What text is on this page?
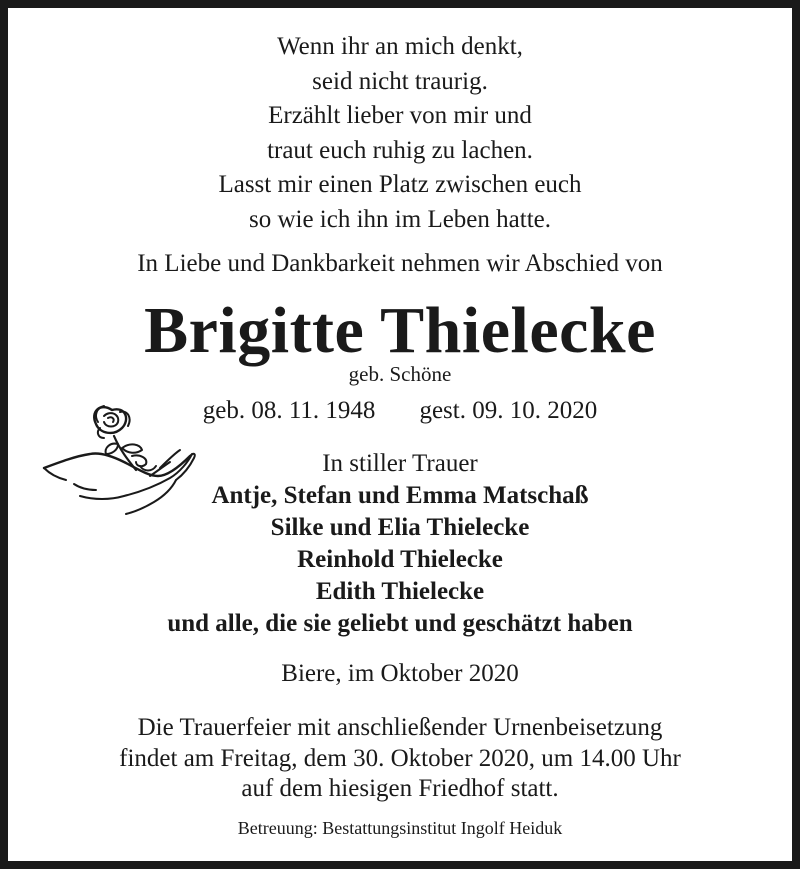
Wenn ihr an mich denkt,
seid nicht traurig.
Erzählt lieber von mir und
traut euch ruhig zu lachen.
Lasst mir einen Platz zwischen euch
so wie ich ihn im Leben hatte.
In Liebe und Dankbarkeit nehmen wir Abschied von
Brigitte Thielecke
geb. Schöne
geb. 08. 11. 1948 gest. 09. 10. 2020
In stiller Trauer
Antje, Stefan und Emma Matschaß
Silke und Elia Thielecke
Reinhold Thielecke
Edith Thielecke
und alle, die sie geliebt und geschätzt haben
Biere, im Oktober 2020
Die Trauerfeier mit anschließender Urnenbeisetzung
findet am Freitag, dem 30. Oktober 2020, um 14.00 Uhr
auf dem hiesigen Friedhof statt.
Betreuung: Bestattungsinstitut Ingolf Heiduk
